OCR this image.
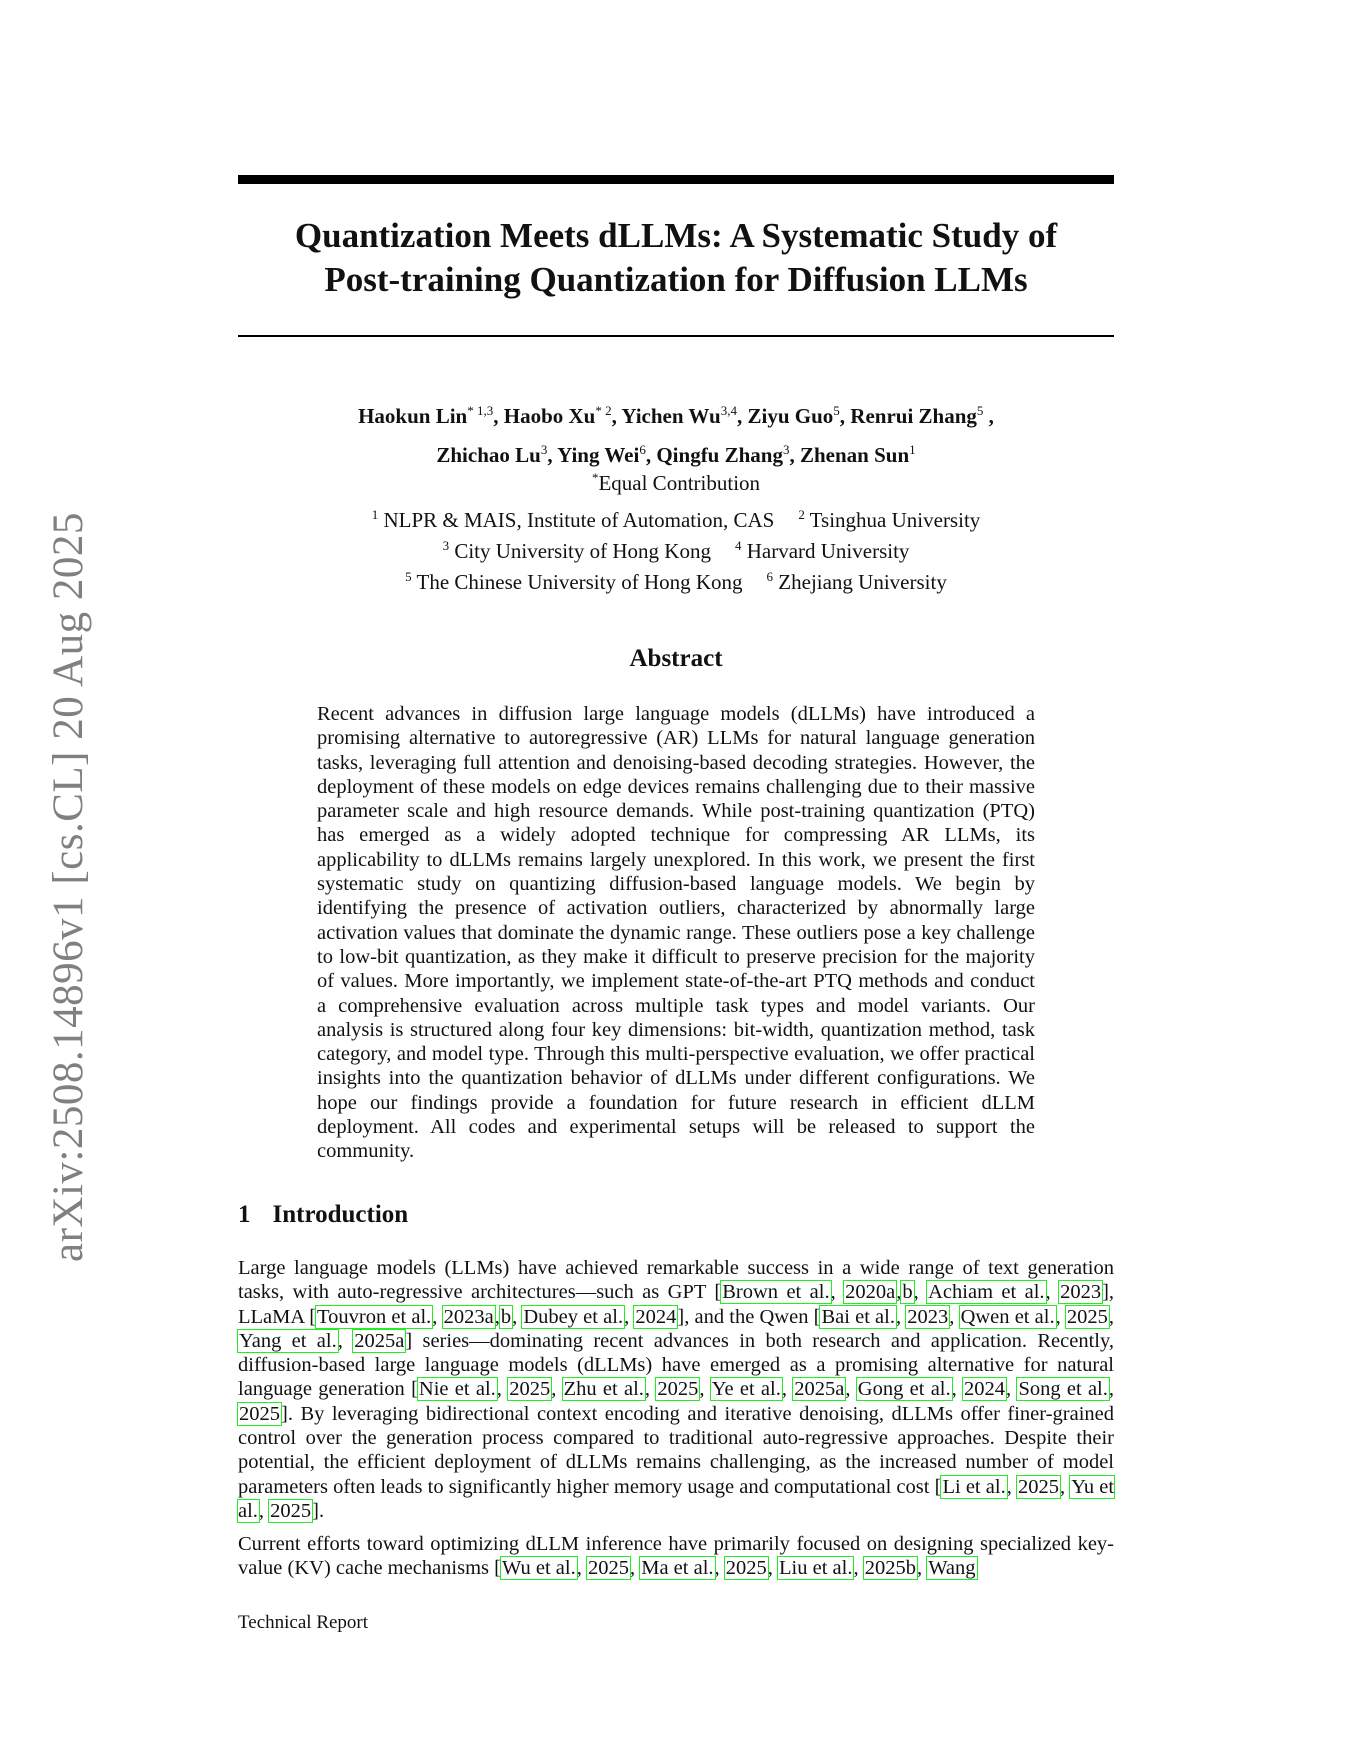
Quantization Meets dLLMs: A Systematic Study of
Post-training Quantization for Diffusion LLMs
Haokun Lin$^{* 1,3}$, Haobo Xu$^{* 2}$, Yichen Wu$^{3,4}$, Ziyu Guo$^5$, Renrui Zhang$^5$ ,
Zhichao Lu$^3$, Ying Wei$^6$, Qingfu Zhang$^3$, Zhenan Sun$^1$
*Equal Contribution
$^1$ NLPR & MAIS, Institute of Automation, CAS $^2$ Tsinghua University
$^3$ City University of Hong Kong $^4$ Harvard University
$^5$ The Chinese University of Hong Kong $^6$ Zhejiang University
Abstract
Recent advances in diffusion large language models (dLLMs) have introduced a promising alternative to autoregressive (AR) LLMs for natural language generation tasks, leveraging full attention and denoising-based decoding strategies. However, the deployment of these models on edge devices remains challenging due to their massive parameter scale and high resource demands. While post-training quantization (PTQ) has emerged as a widely adopted technique for compressing AR LLMs, its applicability to dLLMs remains largely unexplored. In this work, we present the first systematic study on quantizing diffusion-based language models. We begin by identifying the presence of activation outliers, characterized by abnormally large activation values that dominate the dynamic range. These outliers pose a key challenge to low-bit quantization, as they make it difficult to preserve precision for the majority of values. More importantly, we implement state-of-the-art PTQ methods and conduct a comprehensive evaluation across multiple task types and model variants. Our analysis is structured along four key dimensions: bit-width, quantization method, task category, and model type. Through this multi-perspective evaluation, we offer practical insights into the quantization behavior of dLLMs under different configurations. We hope our findings provide a foundation for future research in efficient dLLM deployment. All codes and experimental setups will be released to support the community.
1 Introduction
Large language models (LLMs) have achieved remarkable success in a wide range of text generation tasks, with auto-regressive architectures—such as GPT [Brown et al., 2020a,b, Achiam et al., 2023], LLaMA [Touvron et al., 2023a,b, Dubey et al., 2024], and the Qwen [Bai et al., 2023, Qwen et al., 2025, Yang et al., 2025a] series—dominating recent advances in both research and application. Recently, diffusion-based large language models (dLLMs) have emerged as a promising alternative for natural language generation [Nie et al., 2025, Zhu et al., 2025, Ye et al., 2025a, Gong et al., 2024, Song et al., 2025]. By leveraging bidirectional context encoding and iterative denoising, dLLMs offer finer-grained control over the generation process compared to traditional auto-regressive approaches. Despite their potential, the efficient deployment of dLLMs remains challenging, as the increased number of model parameters often leads to significantly higher memory usage and computational cost [Li et al., 2025, Yu et al., 2025].
Current efforts toward optimizing dLLM inference have primarily focused on designing specialized key-value (KV) cache mechanisms [Wu et al., 2025, Ma et al., 2025, Liu et al., 2025b, Wang
arXiv:2508.14896v1 [cs.CL] 20 Aug 2025
Technical Report
